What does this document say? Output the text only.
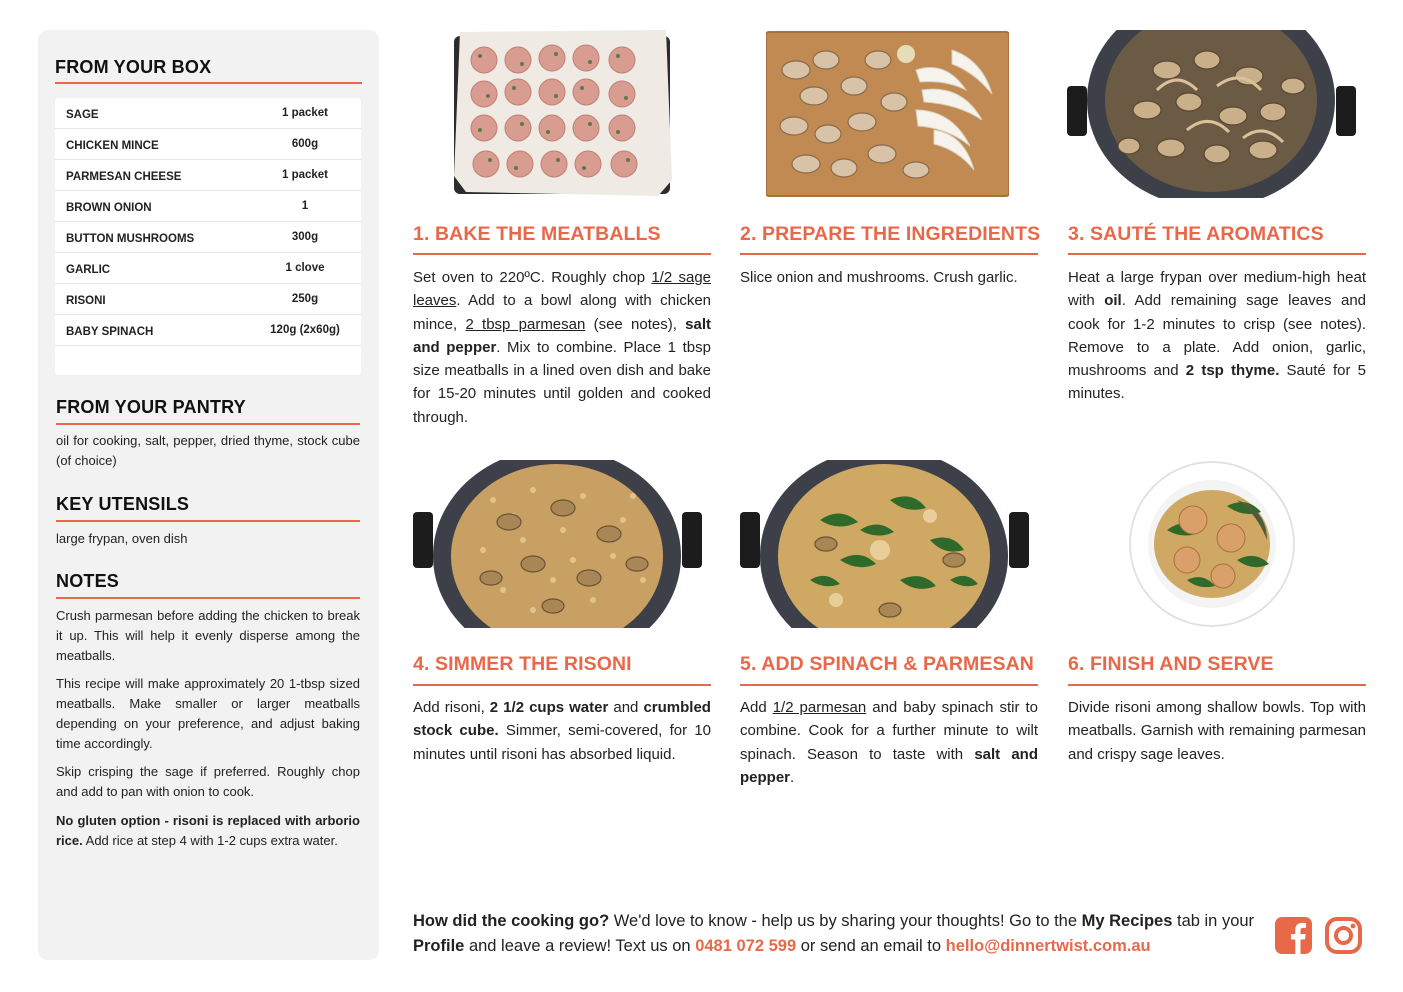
FROM YOUR BOX
SAGE	1 packet
CHICKEN MINCE	600g
PARMESAN CHEESE	1 packet
BROWN ONION	1
BUTTON MUSHROOMS	300g
GARLIC	1 clove
RISONI	250g
BABY SPINACH	120g (2x60g)
FROM YOUR PANTRY
oil for cooking, salt, pepper, dried thyme, stock cube (of choice)
KEY UTENSILS
large frypan, oven dish
NOTES
Crush parmesan before adding the chicken to break it up. This will help it evenly disperse among the meatballs.
This recipe will make approximately 20 1-tbsp sized meatballs. Make smaller or larger meatballs depending on your preference, and adjust baking time accordingly.
Skip crisping the sage if preferred. Roughly chop and add to pan with onion to cook.
No gluten option - risoni is replaced with arborio rice. Add rice at step 4 with 1-2 cups extra water.
1. BAKE THE MEATBALLS
Set oven to 220ºC. Roughly chop 1/2 sage leaves. Add to a bowl along with chicken mince, 2 tbsp parmesan (see notes), salt and pepper. Mix to combine. Place 1 tbsp size meatballs in a lined oven dish and bake for 15-20 minutes until golden and cooked through.
2. PREPARE THE INGREDIENTS
Slice onion and mushrooms. Crush garlic.
3. SAUTÉ THE AROMATICS
Heat a large frypan over medium-high heat with oil. Add remaining sage leaves and cook for 1-2 minutes to crisp (see notes). Remove to a plate. Add onion, garlic, mushrooms and 2 tsp thyme. Sauté for 5 minutes.
4. SIMMER THE RISONI
Add risoni, 2 1/2 cups water and crumbled stock cube. Simmer, semi-covered, for 10 minutes until risoni has absorbed liquid.
5. ADD SPINACH & PARMESAN
Add 1/2 parmesan and baby spinach stir to combine. Cook for a further minute to wilt spinach. Season to taste with salt and pepper.
6. FINISH AND SERVE
Divide risoni among shallow bowls. Top with meatballs. Garnish with remaining parmesan and crispy sage leaves.
How did the cooking go? We'd love to know - help us by sharing your thoughts! Go to the My Recipes tab in your Profile and leave a review! Text us on 0481 072 599 or send an email to hello@dinnertwist.com.au
